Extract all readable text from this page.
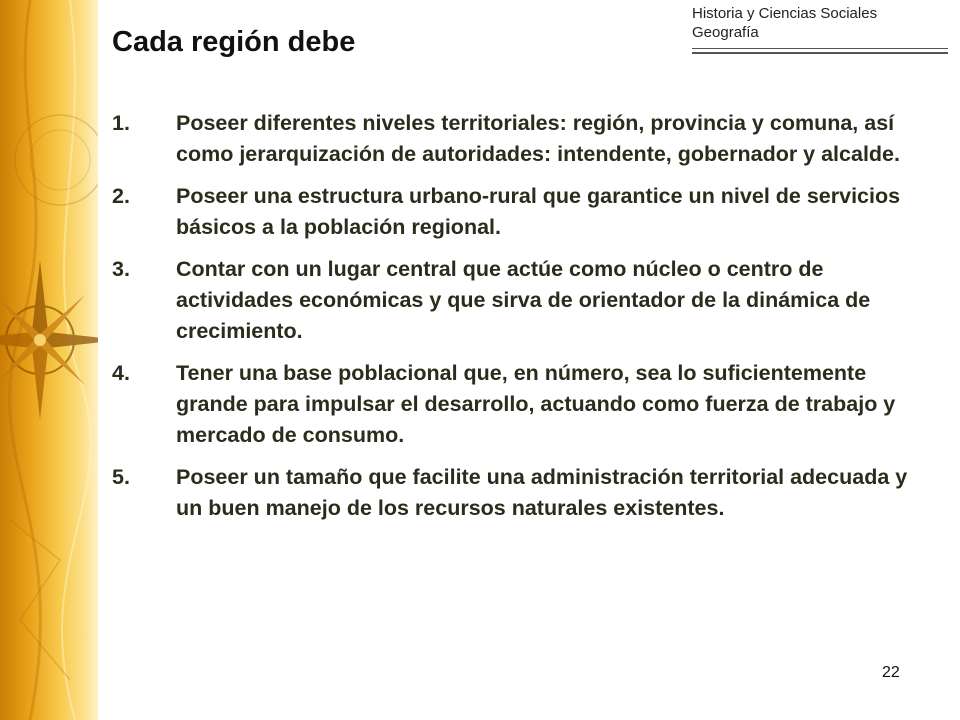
Historia y Ciencias Sociales
Geografía
Cada región debe
1.	Poseer diferentes niveles territoriales: región, provincia y comuna, así como jerarquización de autoridades: intendente, gobernador y alcalde.
2.	Poseer una estructura urbano-rural que garantice un nivel de servicios básicos a la población regional.
3.	Contar con un lugar central que actúe como núcleo o centro de actividades económicas y que sirva de orientador de la dinámica de crecimiento.
4.	Tener una base poblacional que, en número, sea lo suficientemente grande para impulsar el desarrollo, actuando como fuerza de trabajo y mercado de consumo.
5.	Poseer un tamaño que facilite una administración territorial adecuada y un buen manejo de los recursos naturales existentes.
22
